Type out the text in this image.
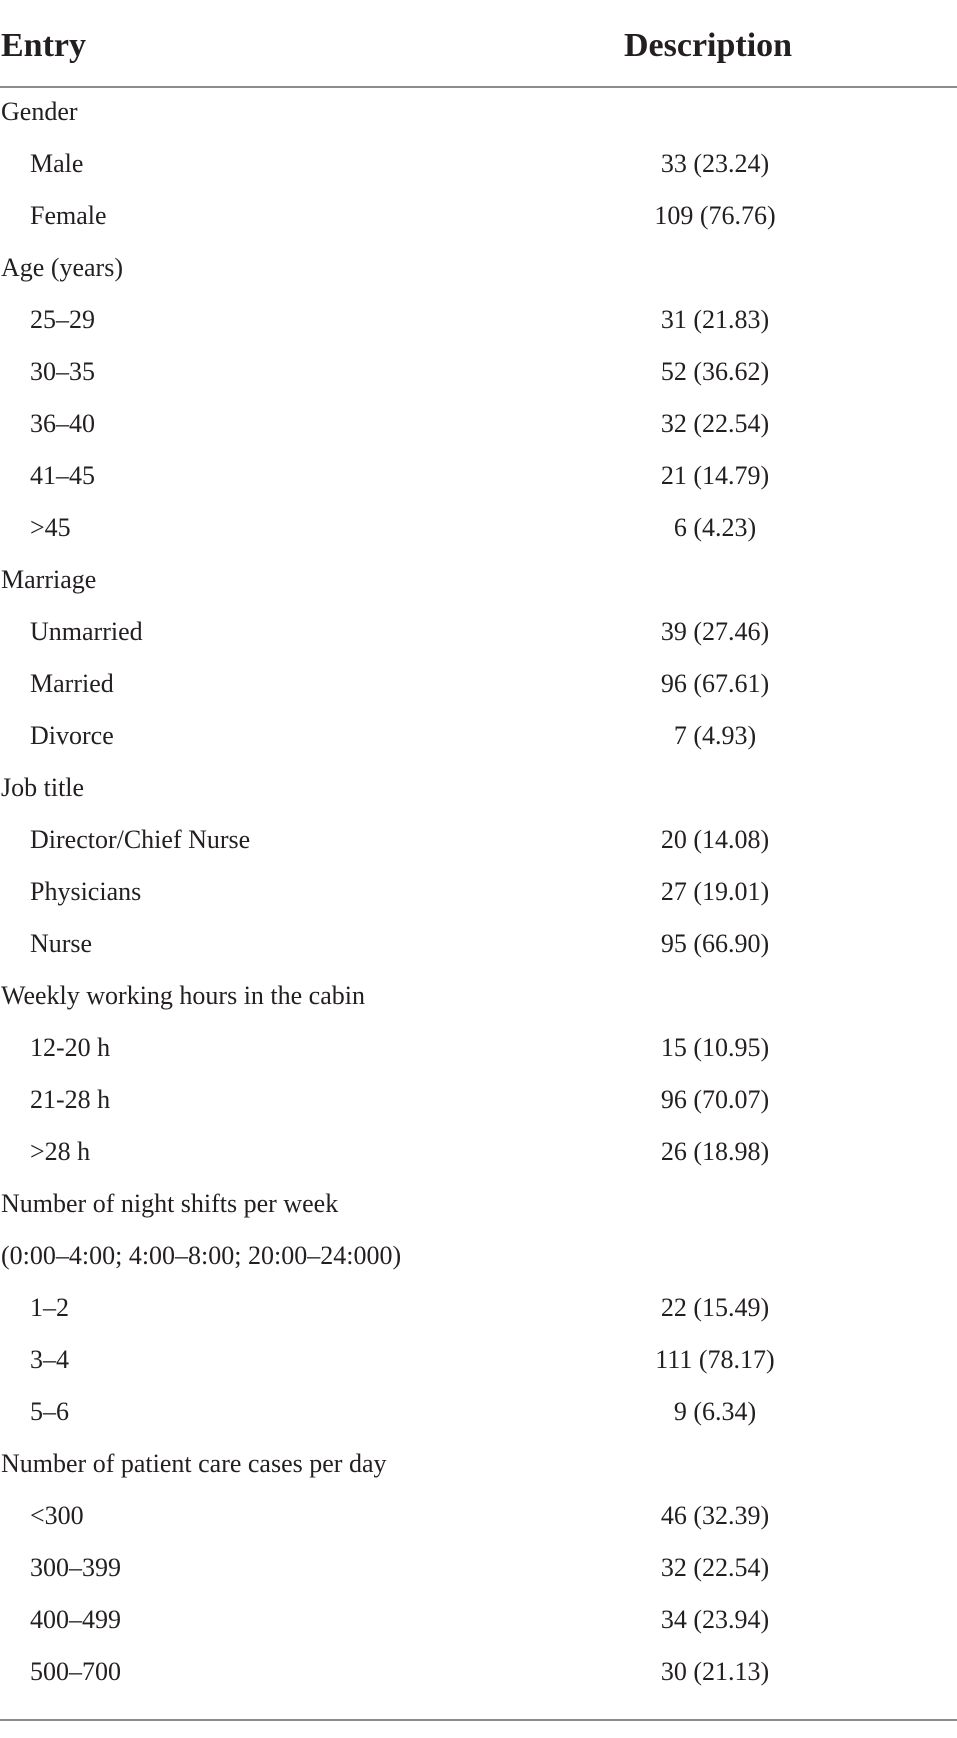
Entry	Description
Gender
Male	33 (23.24)
Female	109 (76.76)
Age (years)
25–29	31 (21.83)
30–35	52 (36.62)
36–40	32 (22.54)
41–45	21 (14.79)
>45	6 (4.23)
Marriage
Unmarried	39 (27.46)
Married	96 (67.61)
Divorce	7 (4.93)
Job title
Director/Chief Nurse	20 (14.08)
Physicians	27 (19.01)
Nurse	95 (66.90)
Weekly working hours in the cabin
12-20 h	15 (10.95)
21-28 h	96 (70.07)
>28 h	26 (18.98)
Number of night shifts per week
(0:00–4:00; 4:00–8:00; 20:00–24:000)
1–2	22 (15.49)
3–4	111 (78.17)
5–6	9 (6.34)
Number of patient care cases per day
<300	46 (32.39)
300–399	32 (22.54)
400–499	34 (23.94)
500–700	30 (21.13)
